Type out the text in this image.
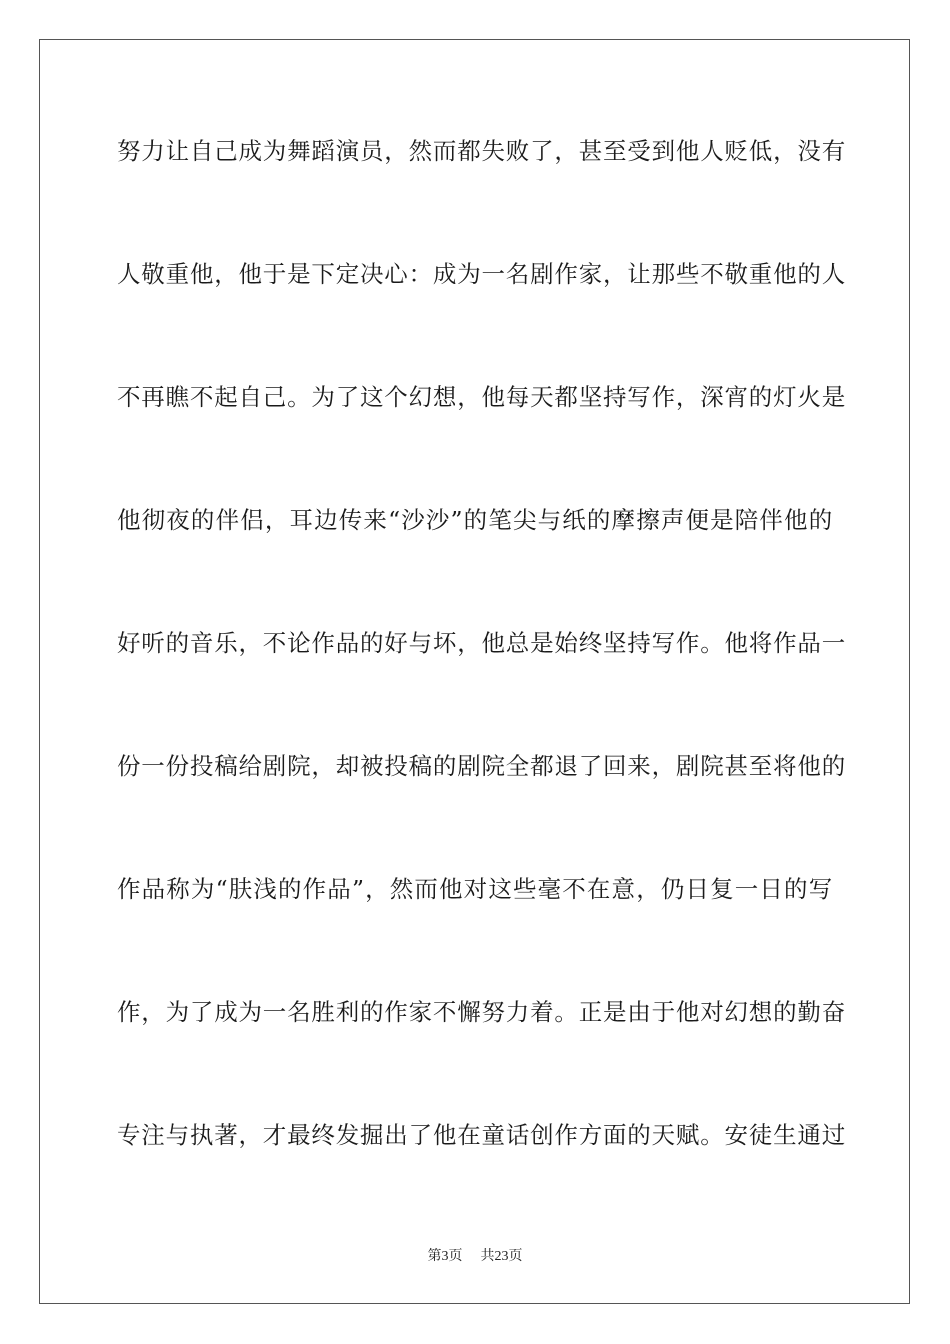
努力让自己成为舞蹈演员，然而都失败了，甚至受到他人贬低，没有
人敬重他，他于是下定决心：成为一名剧作家，让那些不敬重他的人
不再瞧不起自己。为了这个幻想，他每天都坚持写作，深宵的灯火是
他彻夜的伴侣，耳边传来“沙沙”的笔尖与纸的摩擦声便是陪伴他的
好听的音乐，不论作品的好与坏，他总是始终坚持写作。他将作品一
份一份投稿给剧院，却被投稿的剧院全都退了回来，剧院甚至将他的
作品称为“肤浅的作品”，然而他对这些毫不在意，仍日复一日的写
作，为了成为一名胜利的作家不懈努力着。正是由于他对幻想的勤奋
专注与执著，才最终发掘出了他在童话创作方面的天赋。安徒生通过
第3页 共23页
